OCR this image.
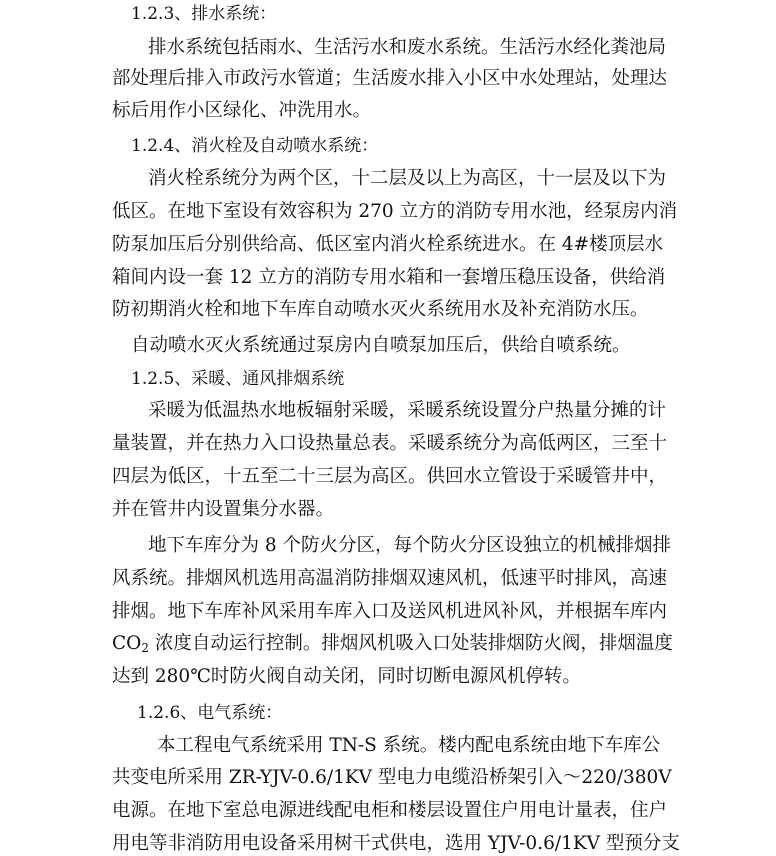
1.2.3、排水系统：
排水系统包括雨水、生活污水和废水系统。生活污水经化粪池局
部处理后排入市政污水管道；生活废水排入小区中水处理站，处理达
标后用作小区绿化、冲洗用水。
1.2.4、消火栓及自动喷水系统：
消火栓系统分为两个区，十二层及以上为高区，十一层及以下为
低区。在地下室设有效容积为 270 立方的消防专用水池，经泵房内消
防泵加压后分别供给高、低区室内消火栓系统进水。在 4#楼顶层水
箱间内设一套 12 立方的消防专用水箱和一套增压稳压设备，供给消
防初期消火栓和地下车库自动喷水灭火系统用水及补充消防水压。
自动喷水灭火系统通过泵房内自喷泵加压后，供给自喷系统。
1.2.5、采暖、通风排烟系统
采暖为低温热水地板辐射采暖，采暖系统设置分户热量分摊的计
量装置，并在热力入口设热量总表。采暖系统分为高低两区，三至十
四层为低区，十五至二十三层为高区。供回水立管设于采暖管井中，
并在管井内设置集分水器。
地下车库分为 8 个防火分区，每个防火分区设独立的机械排烟排
风系统。排烟风机选用高温消防排烟双速风机，低速平时排风，高速
排烟。地下车库补风采用车库入口及送风机进风补风，并根据车库内
$CO_2$ 浓度自动运行控制。排烟风机吸入口处装排烟防火阀，排烟温度
达到 280℃时防火阀自动关闭，同时切断电源风机停转。
1.2.6、电气系统：
本工程电气系统采用 TN-S 系统。楼内配电系统由地下车库公
共变电所采用 ZR-YJV-0.6/1KV 型电力电缆沿桥架引入～220/380V
电源。在地下室总电源进线配电柜和楼层设置住户用电计量表，住户
用电等非消防用电设备采用树干式供电，选用 YJV-0.6/1KV 型预分支
